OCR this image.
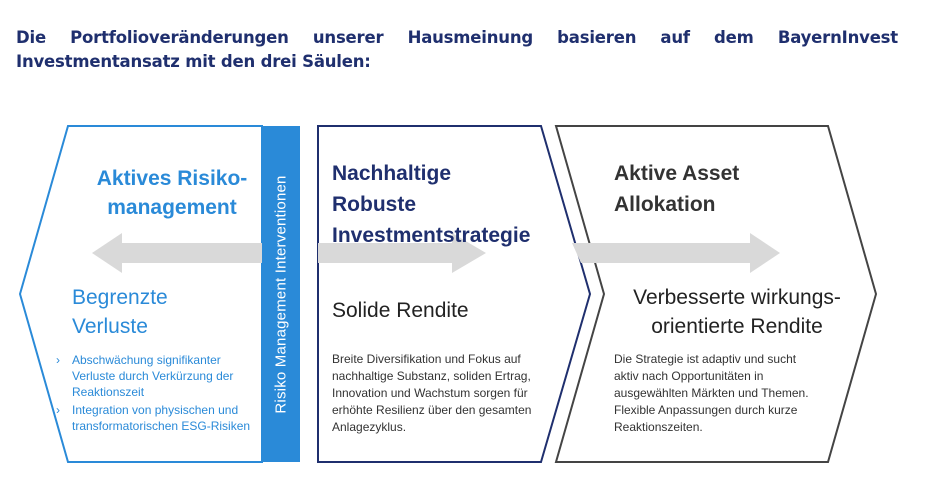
Die Portfolioveränderungen unserer Hausmeinung basieren auf dem BayernInvest Investmentansatz mit den drei Säulen:

Aktives Risiko-
management

Begrenzte
Verluste

› Abschwächung signifikanter Verluste durch Verkürzung der Reaktionszeit
› Integration von physischen und transformatorischen ESG-Risiken
Risiko Management Interventionen

Nachhaltige
Robuste
Investmentstrategie

Solide Rendite

Breite Diversifikation und Fokus auf nachhaltige Substanz, soliden Ertrag, Innovation und Wachstum sorgen für erhöhte Resilienz über den gesamten Anlagezyklus.

Aktive Asset
Allokation

Verbesserte wirkungs-
orientierte Rendite

Die Strategie ist adaptiv und sucht aktiv nach Opportunitäten in ausgewählten Märkten und Themen. Flexible Anpassungen durch kurze Reaktionszeiten.
